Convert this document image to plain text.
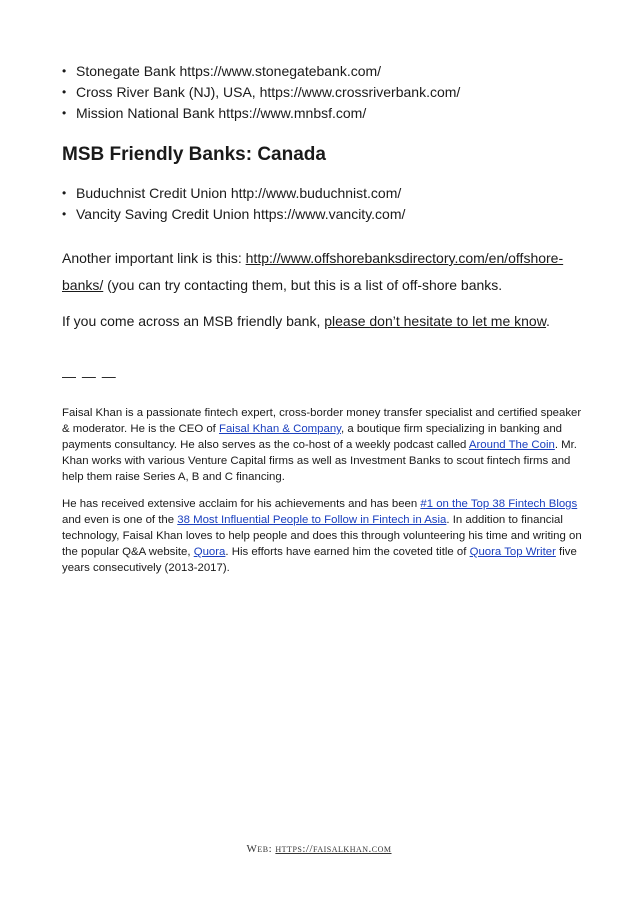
• Stonegate Bank https://www.stonegatebank.com/
• Cross River Bank (NJ), USA, https://www.crossriverbank.com/
• Mission National Bank https://www.mnbsf.com/
MSB Friendly Banks: Canada
• Buduchnist Credit Union http://www.buduchnist.com/
• Vancity Saving Credit Union https://www.vancity.com/

Another important link is this: http://www.offshorebanksdirectory.com/en/offshore-banks/ (you can try contacting them, but this is a list of off-shore banks.

If you come across an MSB friendly bank, please don’t hesitate to let me know.

— — —

Faisal Khan is a passionate fintech expert, cross-border money transfer specialist and certified speaker & moderator. He is the CEO of Faisal Khan & Company, a boutique firm specializing in banking and payments consultancy. He also serves as the co-host of a weekly podcast called Around The Coin. Mr. Khan works with various Venture Capital firms as well as Investment Banks to scout fintech firms and help them raise Series A, B and C financing.

He has received extensive acclaim for his achievements and has been #1 on the Top 38 Fintech Blogs and even is one of the 38 Most Influential People to Follow in Fintech in Asia. In addition to financial technology, Faisal Khan loves to help people and does this through volunteering his time and writing on the popular Q&A website, Quora. His efforts have earned him the coveted title of Quora Top Writer five years consecutively (2013-2017).

Web: https://faisalkhan.com
